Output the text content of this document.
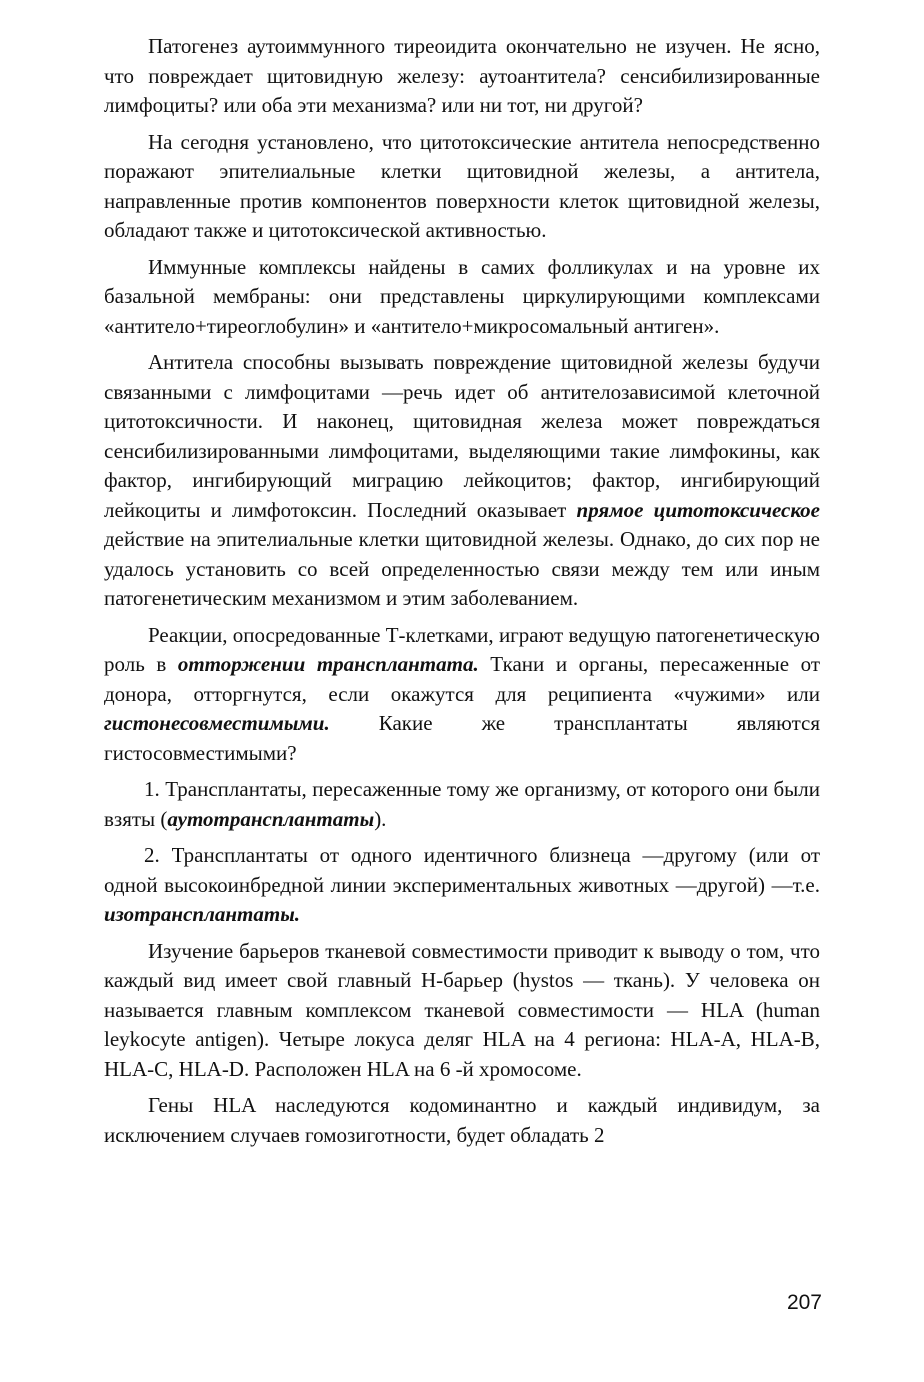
Патогенез аутоиммунного тиреоидита окончательно не изучен. Не ясно, что повреждает щитовидную железу: аутоантитела? сенсибилизированные лимфоциты? или оба эти механизма? или ни тот, ни другой?

На сегодня установлено, что цитотоксические антитела непосредственно поражают эпителиальные клетки щитовидной железы, а антитела, направленные против компонентов поверхности клеток щитовидной железы, обладают также и цитотоксической активностью.

Иммунные комплексы найдены в самих фолликулах и на уровне их базальной мембраны: они представлены циркулирующими комплексами «антитело+тиреоглобулин» и «антитело+микросомальный антиген».

Антитела способны вызывать повреждение щитовидной железы будучи связанными с лимфоцитами —речь идет об антителозависимой клеточной цитотоксичности. И наконец, щитовидная железа может повреждаться сенсибилизированными лимфоцитами, выделяющими такие лимфокины, как фактор, ингибирующий миграцию лейкоцитов; фактор, ингибирующий лейкоциты и лимфотоксин. Последний оказывает прямое цитотоксическое действие на эпителиальные клетки щитовидной железы. Однако, до сих пор не удалось установить со всей определенностью связи между тем или иным патогенетическим механизмом и этим заболеванием.

Реакции, опосредованные Т-клетками, играют ведущую патогенетическую роль в отторжении трансплантата. Ткани и органы, пересаженные от донора, отторгнутся, если окажутся для реципиента «чужими» или гистонесовместимыми. Какие же трансплантаты являются гистосовместимыми?

1. Трансплантаты, пересаженные тому же организму, от которого они были взяты (аутотрансплантаты).

2. Трансплантаты от одного идентичного близнеца —другому (или от одной высокоинбредной линии экспериментальных животных —другой) —т.е. изотрансплантаты.

Изучение барьеров тканевой совместимости приводит к выводу о том, что каждый вид имеет свой главный Н-барьер (hystos — ткань). У человека он называется главным комплексом тканевой совместимости — HLA (human leykocyte antigen). Четыре локуса деляг HLA на 4 региона: HLA-A, HLA-B, HLA-C, HLA-D. Расположен HLA на 6 -й хромосоме.

Гены HLA наследуются кодоминантно и каждый индивидум, за исключением случаев гомозиготности, будет обладать 2

207
